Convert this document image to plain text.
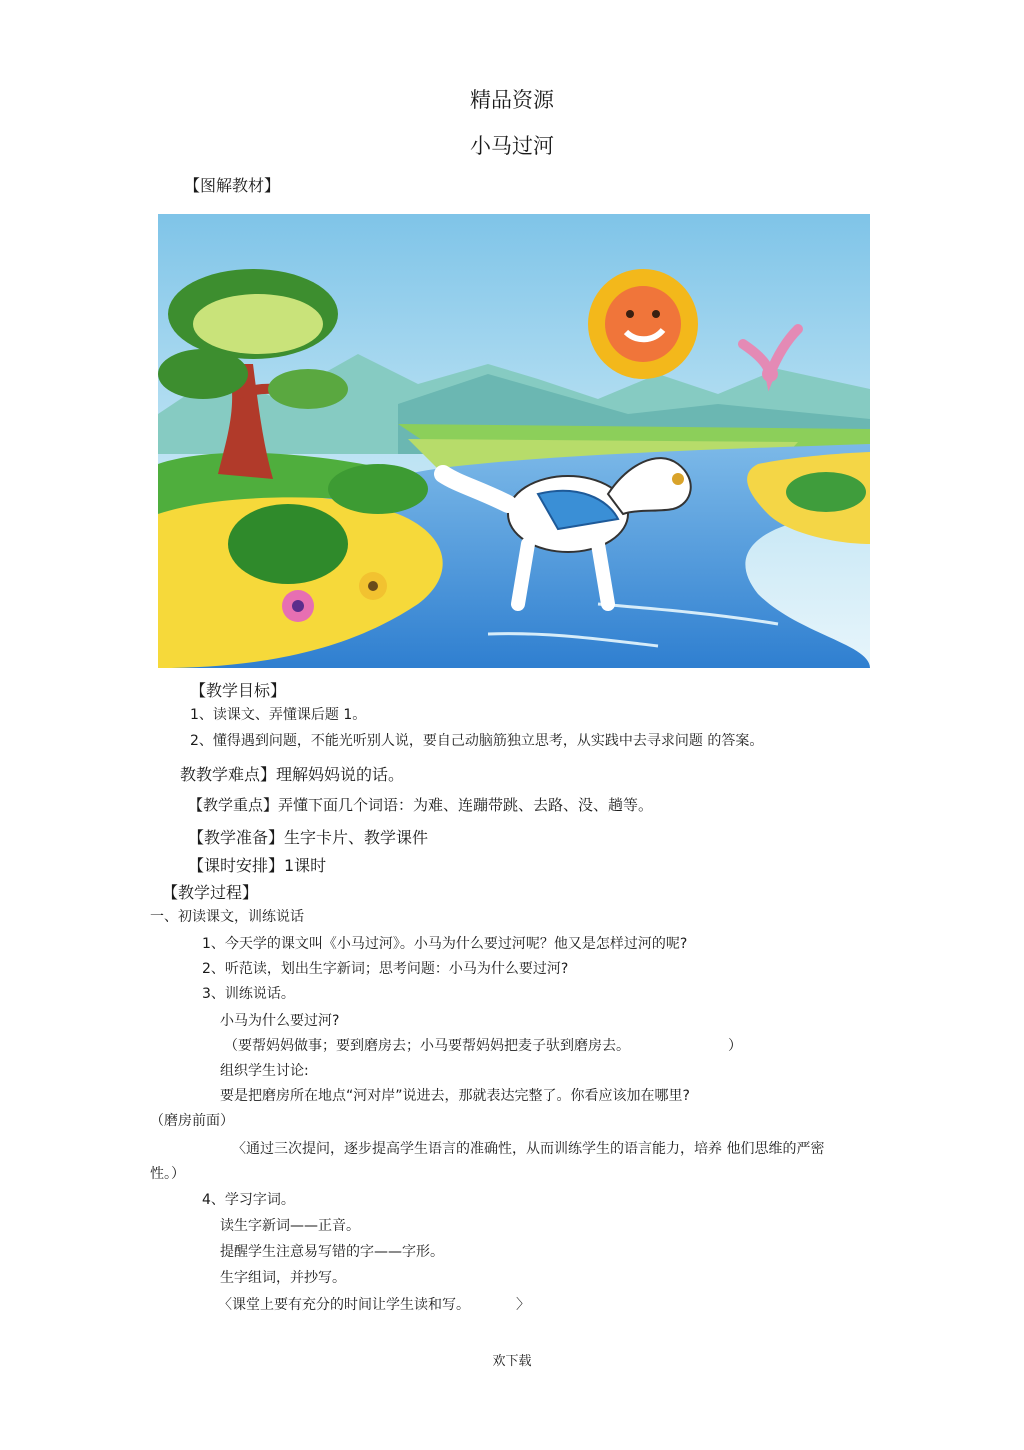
精品资源
小马过河
【图解教材】
【教学目标】
1、读课文、弄懂课后题 1。
2、懂得遇到问题，不能光听别人说，要自己动脑筋独立思考，从实践中去寻求问题 的答案。
教教学难点】理解妈妈说的话。
【教学重点】弄懂下面几个词语：为难、连蹦带跳、去路、没、趟等。
【教学准备】生字卡片、教学课件
【课时安排】1课时
【教学过程】
一、初读课文，训练说话
1、今天学的课文叫《小马过河》。小马为什么要过河呢？他又是怎样过河的呢?
2、听范读，划出生字新词；思考问题：小马为什么要过河?
3、训练说话。
小马为什么要过河?
（要帮妈妈做事；要到磨房去；小马要帮妈妈把麦子驮到磨房去。	）
组织学生讨论:
要是把磨房所在地点“河对岸”说进去，那就表达完整了。你看应该加在哪里?
（磨房前面）
〈通过三次提问，逐步提高学生语言的准确性，从而训练学生的语言能力，培养 他们思维的严密
性。）
4、学习字词。
读生字新词——正音。
提醒学生注意易写错的字——字形。
生字组词，并抄写。
〈课堂上要有充分的时间让学生读和写。	〉
欢下载
